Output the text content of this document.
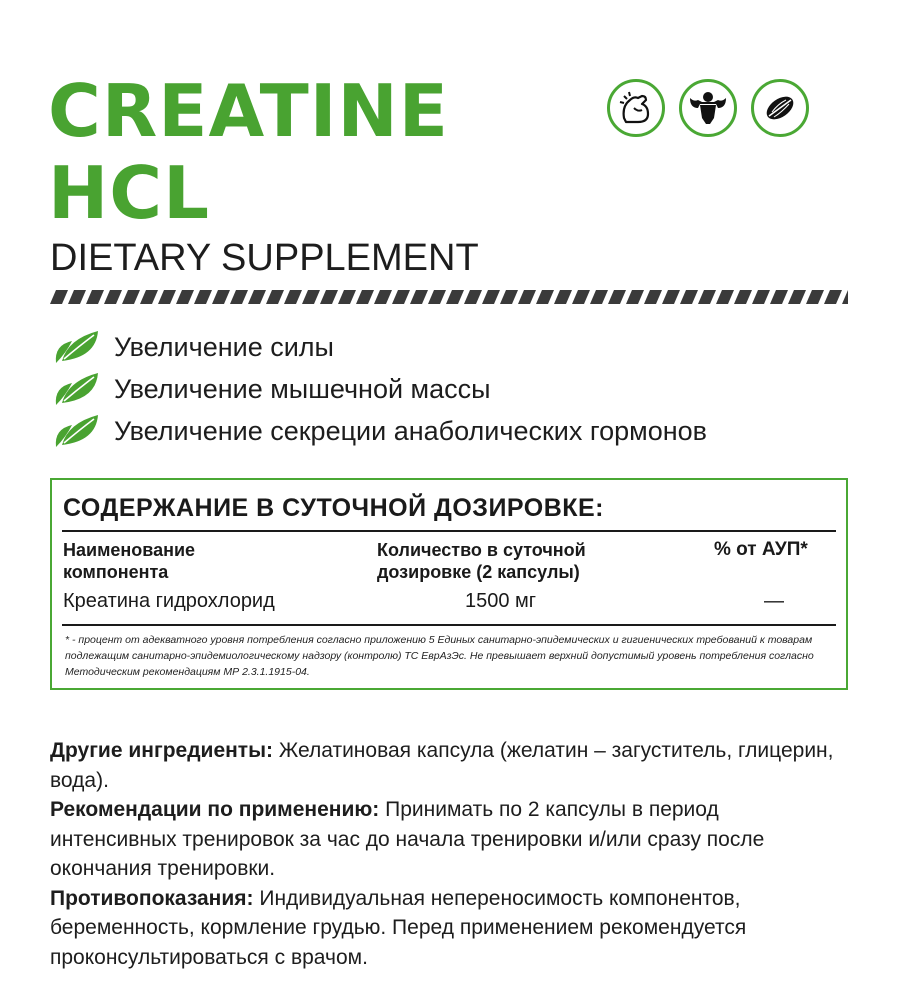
CREATINE
HCL
DIETARY SUPPLEMENT
Увеличение силы
Увеличение мышечной массы
Увеличение секреции анаболических гормонов
СОДЕРЖАНИЕ В СУТОЧНОЙ ДОЗИРОВКЕ:
Наименование компонента
Количество в суточной дозировке (2 капсулы)
% от АУП*
Креатина гидрохлорид	1500 мг	—
* - процент от адекватного уровня потребления согласно приложению 5 Единых санитарно-эпидемических и гигиенических требований к товарам подлежащим санитарно-эпидемиологическому надзору (контролю) ТС ЕврАзЭс. Не превышает верхний допустимый уровень потребления согласно Методическим рекомендациям МР 2.3.1.1915-04.
Другие ингредиенты: Желатиновая капсула (желатин – загуститель, глицерин, вода).
Рекомендации по применению: Принимать по 2 капсулы в период интенсивных тренировок за час до начала тренировки и/или сразу после окончания тренировки.
Противопоказания: Индивидуальная непереносимость компонентов, беременность, кормление грудью. Перед применением рекомендуется проконсультироваться с врачом.
